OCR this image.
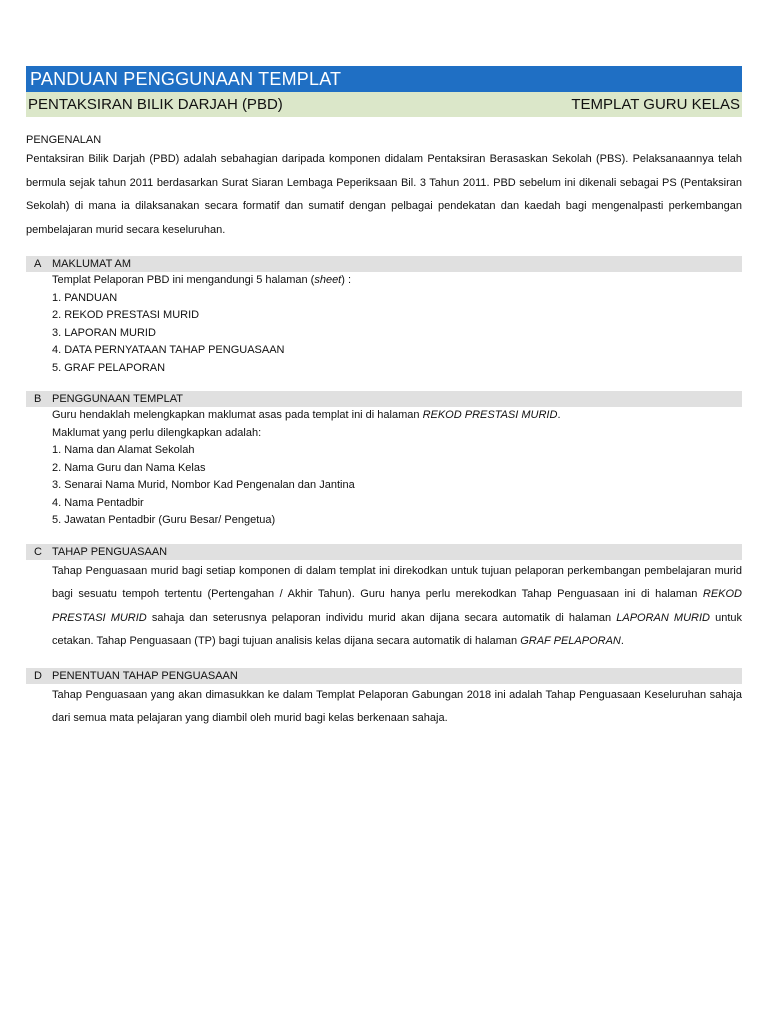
PANDUAN PENGGUNAAN TEMPLAT
PENTAKSIRAN BILIK DARJAH (PBD)	TEMPLAT GURU KELAS
PENGENALAN
Pentaksiran Bilik Darjah (PBD) adalah sebahagian daripada komponen didalam Pentaksiran Berasaskan Sekolah (PBS). Pelaksanaannya telah bermula sejak tahun 2011 berdasarkan Surat Siaran Lembaga Peperiksaan Bil. 3 Tahun 2011. PBD sebelum ini dikenali sebagai PS (Pentaksiran Sekolah) di mana ia dilaksanakan secara formatif dan sumatif dengan pelbagai pendekatan dan kaedah bagi mengenalpasti perkembangan pembelajaran murid secara keseluruhan.
A MAKLUMAT AM
Templat Pelaporan PBD ini mengandungi 5 halaman (sheet) :
1. PANDUAN
2. REKOD PRESTASI MURID
3. LAPORAN MURID
4. DATA PERNYATAAN TAHAP PENGUASAAN
5. GRAF PELAPORAN
B PENGGUNAAN TEMPLAT
Guru hendaklah melengkapkan maklumat asas pada templat ini di halaman REKOD PRESTASI MURID.
Maklumat yang perlu dilengkapkan adalah:
1. Nama dan Alamat Sekolah
2. Nama Guru dan Nama Kelas
3. Senarai Nama Murid, Nombor Kad Pengenalan dan Jantina
4. Nama Pentadbir
5. Jawatan Pentadbir (Guru Besar/ Pengetua)
C TAHAP PENGUASAAN
Tahap Penguasaan murid bagi setiap komponen di dalam templat ini direkodkan untuk tujuan pelaporan perkembangan pembelajaran murid bagi sesuatu tempoh tertentu (Pertengahan / Akhir Tahun). Guru hanya perlu merekodkan Tahap Penguasaan ini di halaman REKOD PRESTASI MURID sahaja dan seterusnya pelaporan individu murid akan dijana secara automatik di halaman LAPORAN MURID untuk cetakan. Tahap Penguasaan (TP) bagi tujuan analisis kelas dijana secara automatik di halaman GRAF PELAPORAN.
D PENENTUAN TAHAP PENGUASAAN
Tahap Penguasaan yang akan dimasukkan ke dalam Templat Pelaporan Gabungan 2018 ini adalah Tahap Penguasaan Keseluruhan sahaja dari semua mata pelajaran yang diambil oleh murid bagi kelas berkenaan sahaja.
